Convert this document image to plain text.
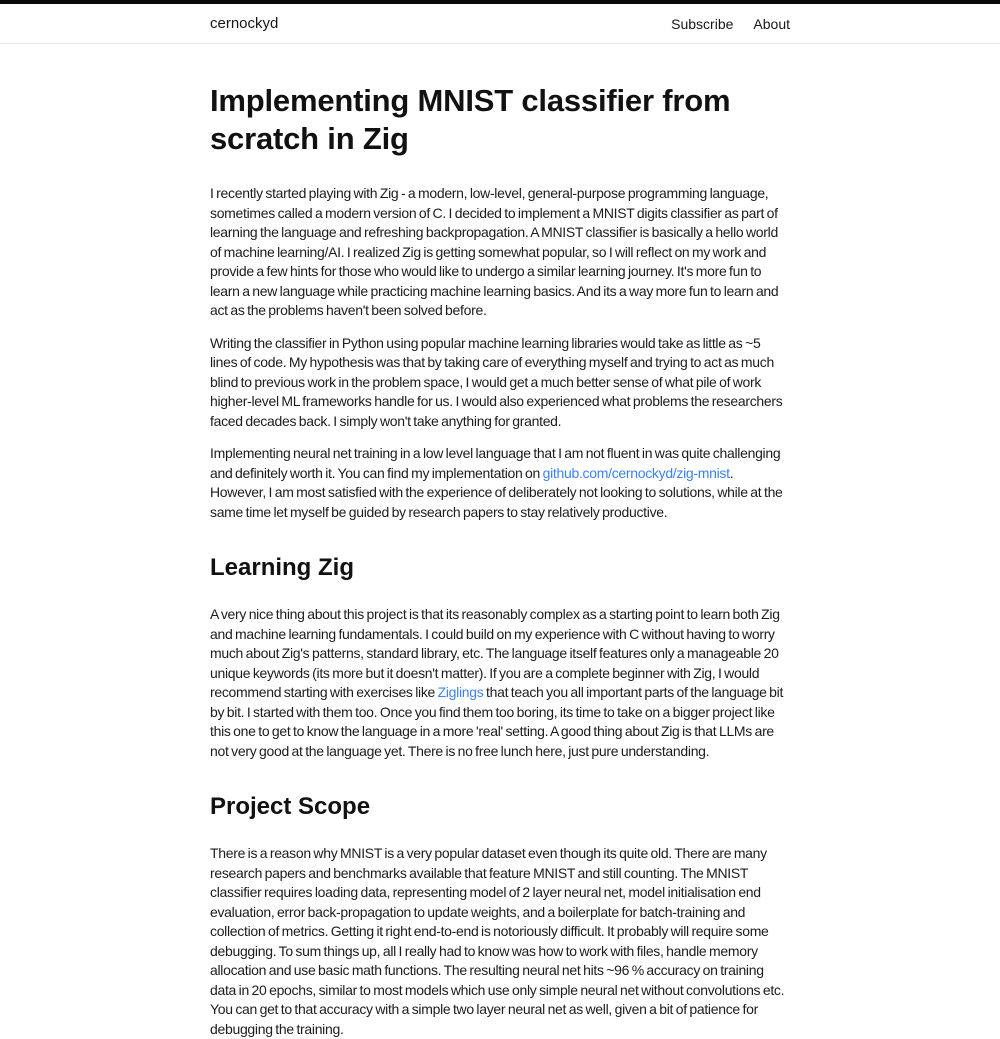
cernockyd	Subscribe About
Implementing MNIST classifier from scratch in Zig

I recently started playing with Zig - a modern, low-level, general-purpose programming language, sometimes called a modern version of C. I decided to implement a MNIST digits classifier as part of learning the language and refreshing backpropagation. A MNIST classifier is basically a hello world of machine learning/AI. I realized Zig is getting somewhat popular, so I will reflect on my work and provide a few hints for those who would like to undergo a similar learning journey. It's more fun to learn a new language while practicing machine learning basics. And its a way more fun to learn and act as the problems haven't been solved before.

Writing the classifier in Python using popular machine learning libraries would take as little as ~5 lines of code. My hypothesis was that by taking care of everything myself and trying to act as much blind to previous work in the problem space, I would get a much better sense of what pile of work higher-level ML frameworks handle for us. I would also experienced what problems the researchers faced decades back. I simply won't take anything for granted.

Implementing neural net training in a low level language that I am not fluent in was quite challenging and definitely worth it. You can find my implementation on github.com/cernockyd/zig-mnist. However, I am most satisfied with the experience of deliberately not looking to solutions, while at the same time let myself be guided by research papers to stay relatively productive.

Learning Zig

A very nice thing about this project is that its reasonably complex as a starting point to learn both Zig and machine learning fundamentals. I could build on my experience with C without having to worry much about Zig's patterns, standard library, etc. The language itself features only a manageable 20 unique keywords (its more but it doesn't matter). If you are a complete beginner with Zig, I would recommend starting with exercises like Ziglings that teach you all important parts of the language bit by bit. I started with them too. Once you find them too boring, its time to take on a bigger project like this one to get to know the language in a more 'real' setting. A good thing about Zig is that LLMs are not very good at the language yet. There is no free lunch here, just pure understanding.

Project Scope

There is a reason why MNIST is a very popular dataset even though its quite old. There are many research papers and benchmarks available that feature MNIST and still counting. The MNIST classifier requires loading data, representing model of 2 layer neural net, model initialisation end evaluation, error back-propagation to update weights, and a boilerplate for batch-training and collection of metrics. Getting it right end-to-end is notoriously difficult. It probably will require some debugging. To sum things up, all I really had to know was how to work with files, handle memory allocation and use basic math functions. The resulting neural net hits ~96 % accuracy on training data in 20 epochs, similar to most models which use only simple neural net without convolutions etc. You can get to that accuracy with a simple two layer neural net as well, given a bit of patience for debugging the training.
